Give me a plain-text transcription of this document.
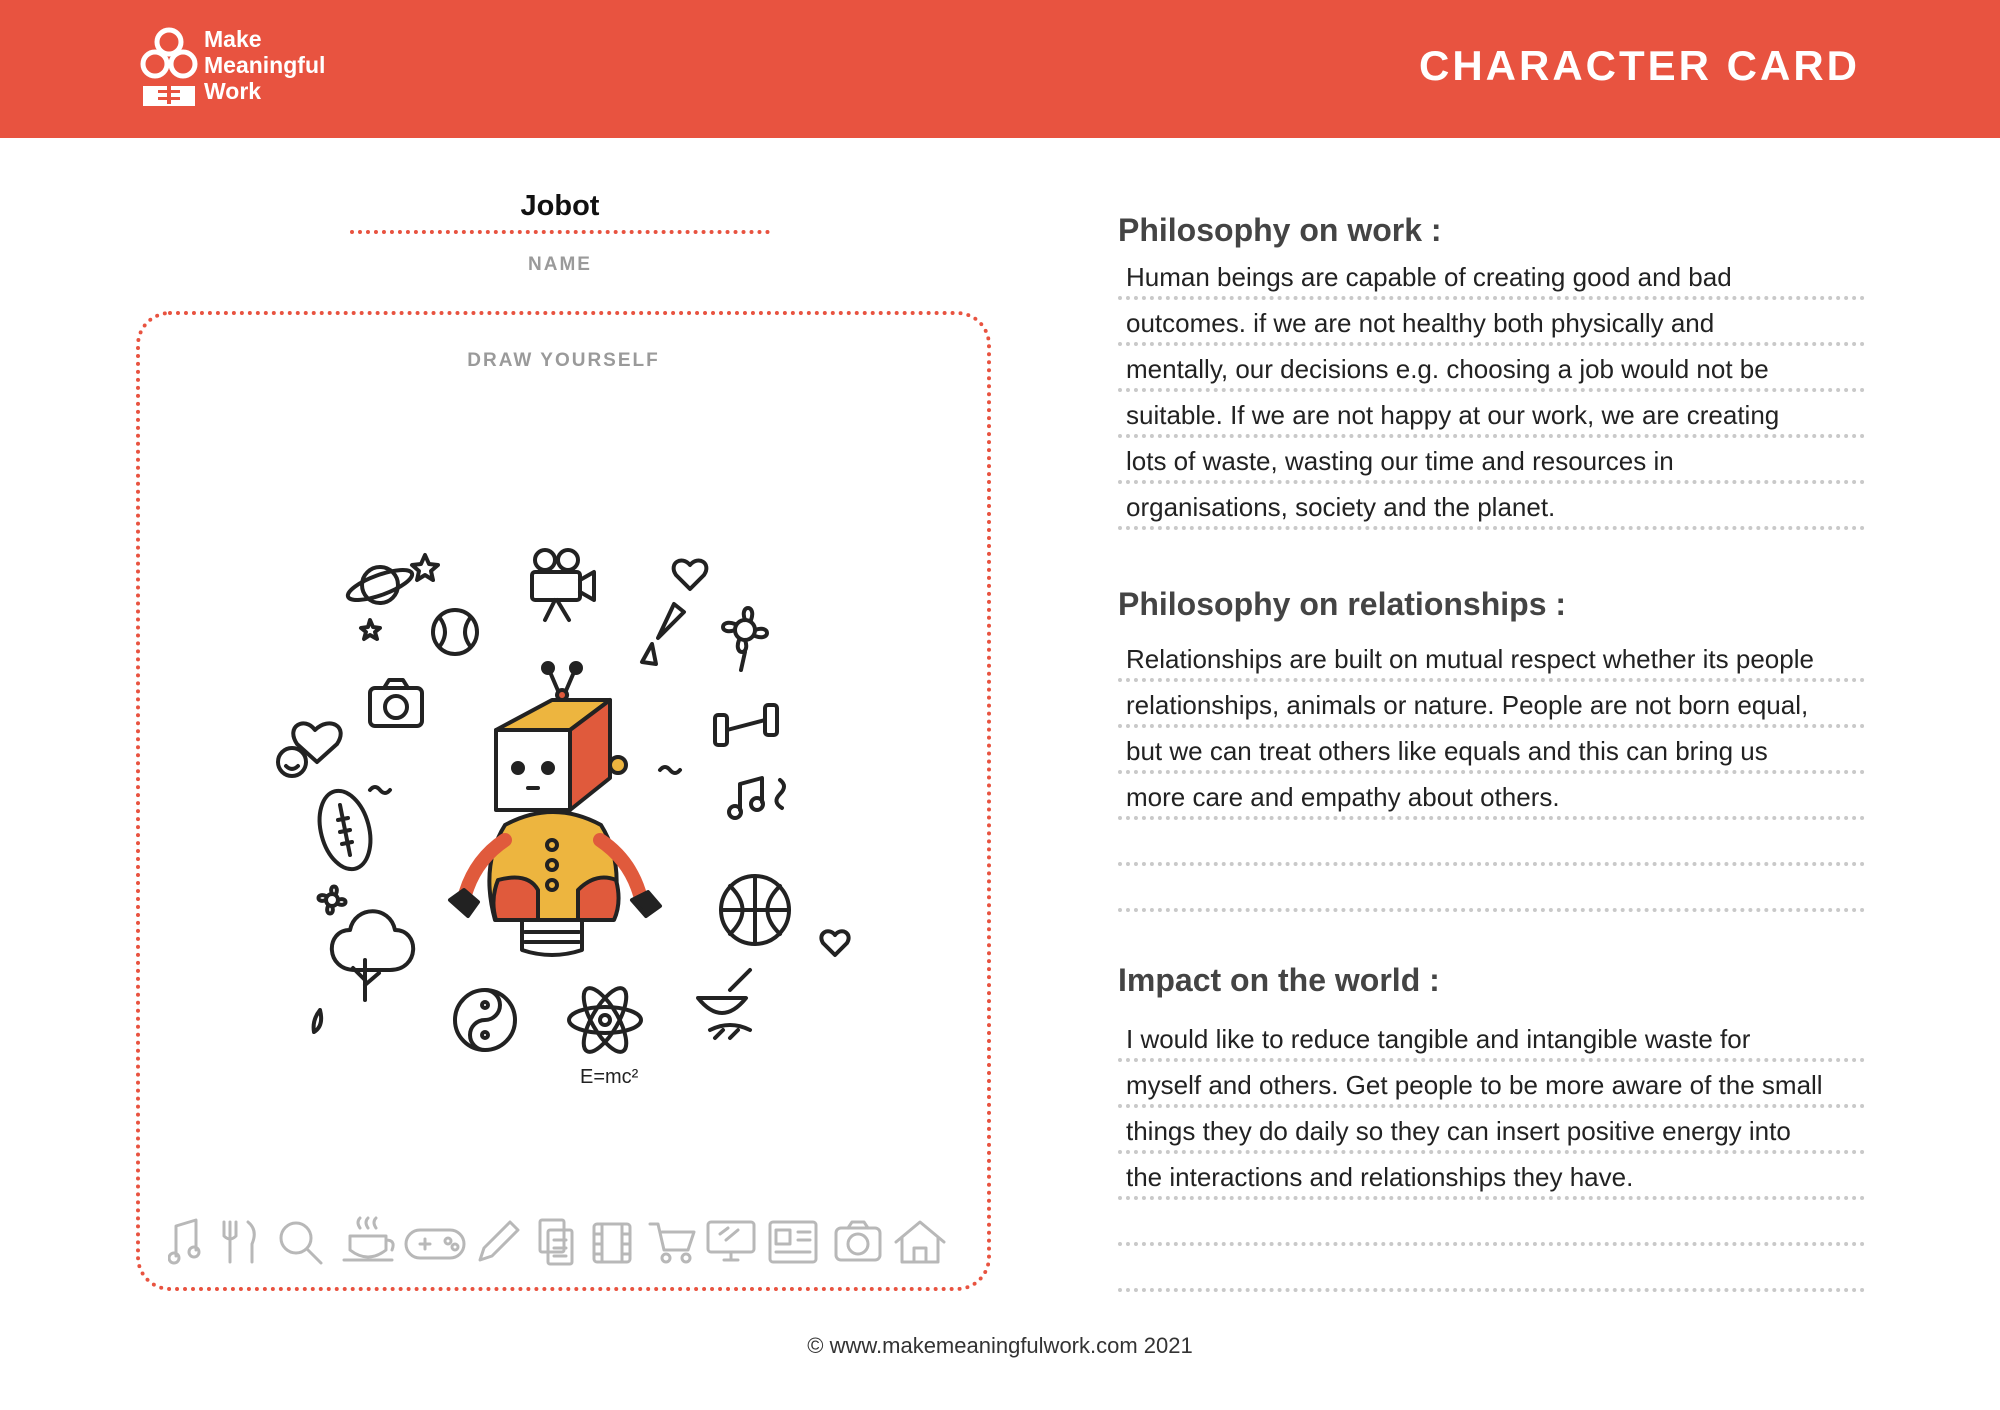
Make
Meaningful
Work
CHARACTER CARD
Jobot
NAME
DRAW YOURSELF
E=mc²
Philosophy on work :
Human beings are capable of creating good and bad
outcomes. if we are not healthy both physically and
mentally, our decisions e.g. choosing a job would not be
suitable. If we are not happy at our work, we are creating
lots of waste, wasting our time and resources in
organisations, society and the planet.
Philosophy on relationships :
Relationships are built on mutual respect whether its people
relationships, animals or nature. People are not born equal,
but we can treat others like equals and this can bring us
more care and empathy about others.
Impact on the world :
I would like to reduce tangible and intangible waste for
myself and others. Get people to be more aware of the small
things they do daily so they can insert positive energy into
the interactions and relationships they have.
© www.makemeaningfulwork.com 2021
